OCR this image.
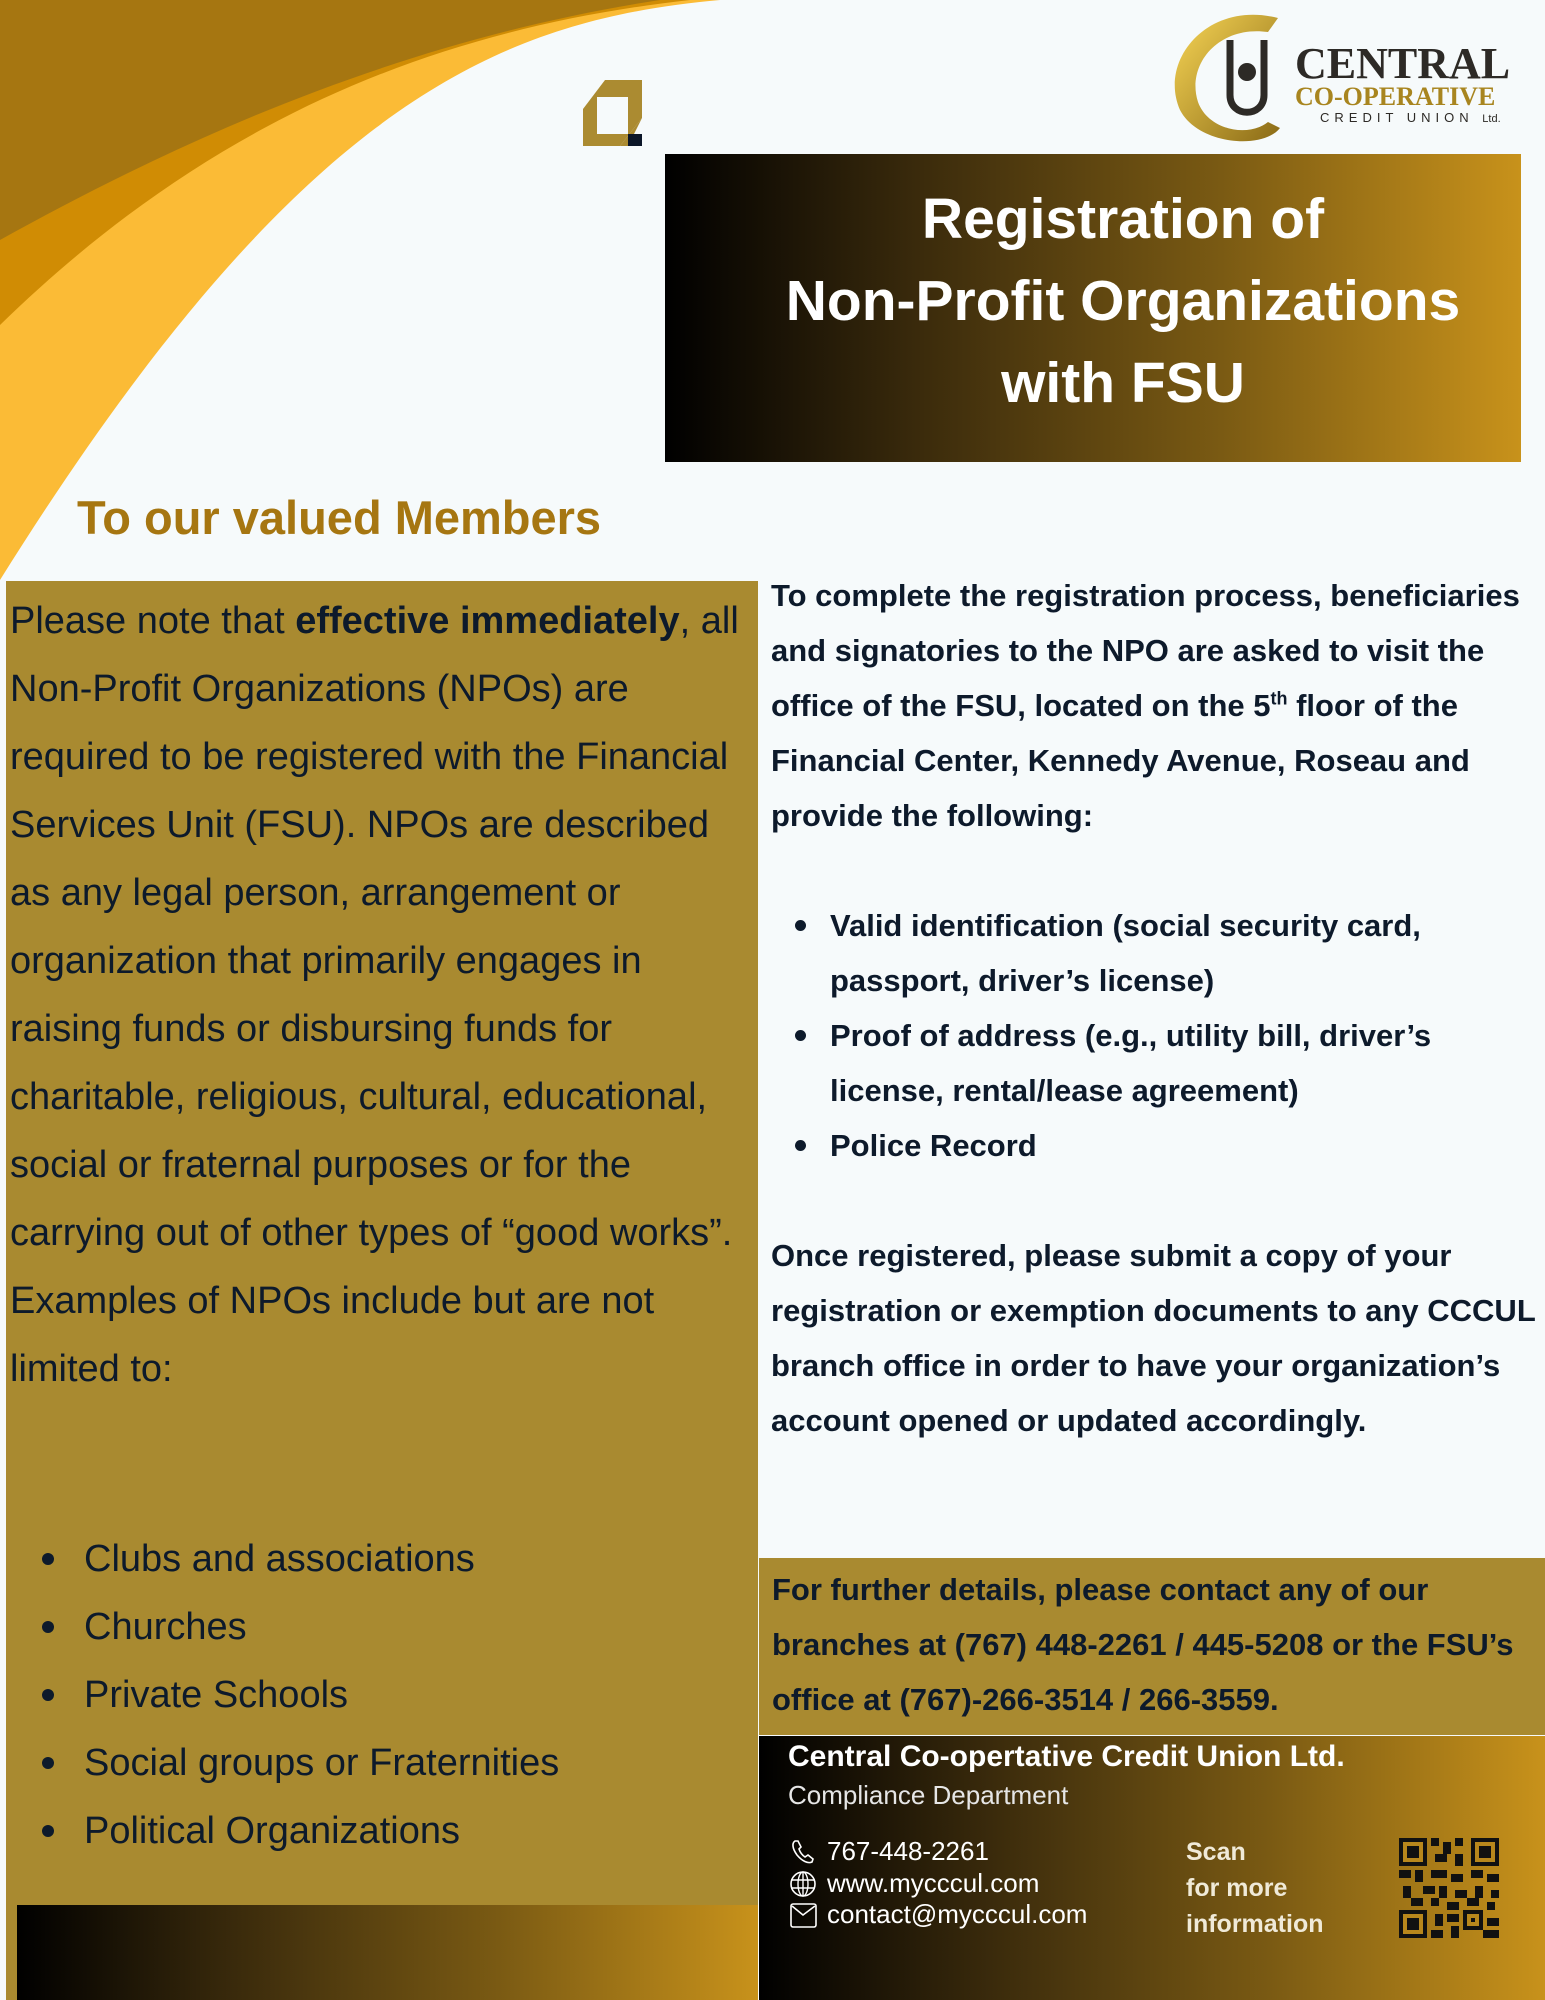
CENTRAL
CO-OPERATIVE
CREDIT UNION Ltd.
Registration of
Non-Profit Organizations
with FSU
To our valued Members
Please note that effective immediately, all Non-Profit Organizations (NPOs) are required to be registered with the Financial Services Unit (FSU). NPOs are described as any legal person, arrangement or organization that primarily engages in raising funds or disbursing funds for charitable, religious, cultural, educational, social or fraternal purposes or for the carrying out of other types of “good works”. Examples of NPOs include but are not limited to:
Clubs and associations
Churches
Private Schools
Social groups or Fraternities
Political Organizations
To complete the registration process, beneficiaries and signatories to the NPO are asked to visit the office of the FSU, located on the 5th floor of the Financial Center, Kennedy Avenue, Roseau and provide the following:
Valid identification (social security card, passport, driver’s license)
Proof of address (e.g., utility bill, driver’s license, rental/lease agreement)
Police Record
Once registered, please submit a copy of your registration or exemption documents to any CCCUL branch office in order to have your organization’s account opened or updated accordingly.
For further details, please contact any of our branches at (767) 448-2261 / 445-5208 or the FSU’s office at (767)-266-3514 / 266-3559.
Central Co-opertative Credit Union Ltd.
Compliance Department
767-448-2261
www.mycccul.com
contact@mycccul.com
Scan
for more
information
